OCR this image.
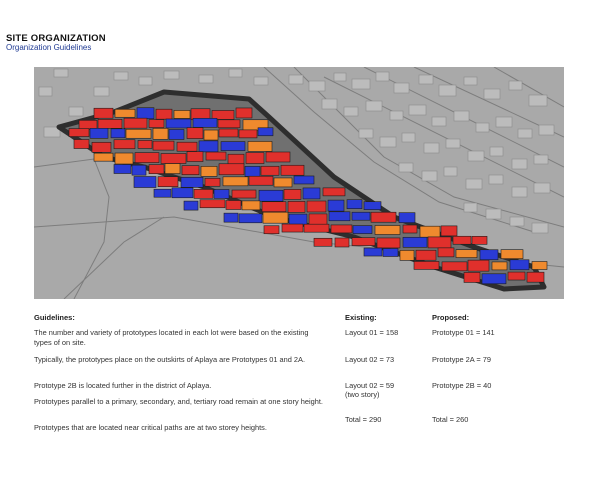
SITE ORGANIZATION
Organization Guidelines
Guidelines:	Existing:	Proposed:
The number and variety of prototypes located in each lot were based on the existing types of on site.
Typically, the prototypes place on the outskirts of Aplaya are Prototypes 01 and 2A.
Prototype 2B is located further in the district of Aplaya.
Prototypes parallel to a primary, secondary, and, tertiary road remain at one story height.
Prototypes that are located near critical paths are at two storey heights.
Layout 01 = 158
Layout 02 = 73
Layout 02 = 59
(two story)
Total = 290
Prototype 01 = 141
Prototype 2A = 79
Prototype 2B = 40
Total = 260
